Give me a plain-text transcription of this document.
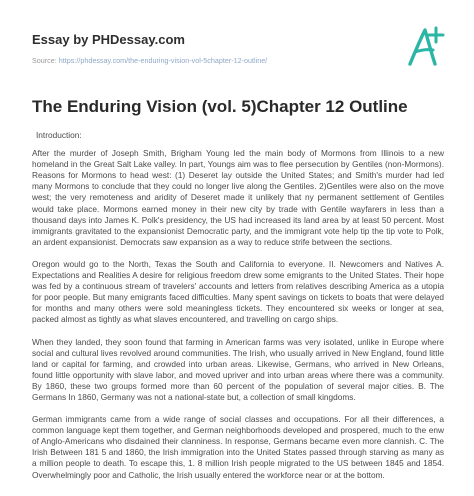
Essay by PHDessay.com
Source: https://phdessay.com/the-enduring-vision-vol-5chapter-12-outline/
The Enduring Vision (vol. 5)Chapter 12 Outline

Introduction:

After the murder of Joseph Smith, Brigham Young led the main body of Mormons from Illinois to a new homeland in the Great Salt Lake valley. In part, Youngs aim was to flee persecution by Gentiles (non-Mormons). Reasons for Mormons to head west: (1) Deseret lay outside the United States; and Smith's murder had led many Mormons to conclude that they could no longer live along the Gentiles. 2)Gentiles were also on the move west; the very remoteness and aridity of Deseret made it unlikely that ny permanent settlement of Gentiles would take place. Mormons earned money in their new city by trade with Gentile wayfarers in less than a thousand days into James K. Polk's presidency, the US had increased its land area by at least 50 percent. Most immigrants gravitated to the expansionist Democratic party, and the immigrant vote help tip the tip vote to Polk, an ardent expansionist. Democrats saw expansion as a way to reduce strife between the sections.

Oregon would go to the North, Texas the South and California to everyone. II. Newcomers and Natives A. Expectations and Realities A desire for religious freedom drew some emigrants to the United States. Their hope was fed by a continuous stream of travelers' accounts and letters from relatives describing America as a utopia for poor people. But many emigrants faced difficulties. Many spent savings on tickets to boats that were delayed for months and many others were sold meaningless tickets. They encountered six weeks or longer at sea, packed almost as tightly as what slaves encountered, and travelling on cargo ships.

When they landed, they soon found that farming in American farms was very isolated, unlike in Europe where social and cultural lives revolved around communities. The Irish, who usually arrived in New England, found little land or capital for farming, and crowded into urban areas. Likewise, Germans, who arrived in New Orleans, found little opportunity with slave labor, and moved upriver and into urban areas where there was a community. By 1860, these two groups formed more than 60 percent of the population of several major cities. B. The Germans In 1860, Germany was not a national-state but, a collection of small kingdoms.

German immigrants came from a wide range of social classes and occupations. For all their differences, a common language kept them together, and German neighborhoods developed and prospered, much to the enw of Anglo-Americans who disdained their clanniness. In response, Germans became even more clannish. C. The Irish Between 181 5 and 1860, the Irish immigration into the United States passed through starving as many as a million people to death. To escape this, 1. 8 million Irish people migrated to the US between 1845 and 1854. Overwhelmingly poor and Catholic, the Irish usually entered the workforce near or at the bottom.
